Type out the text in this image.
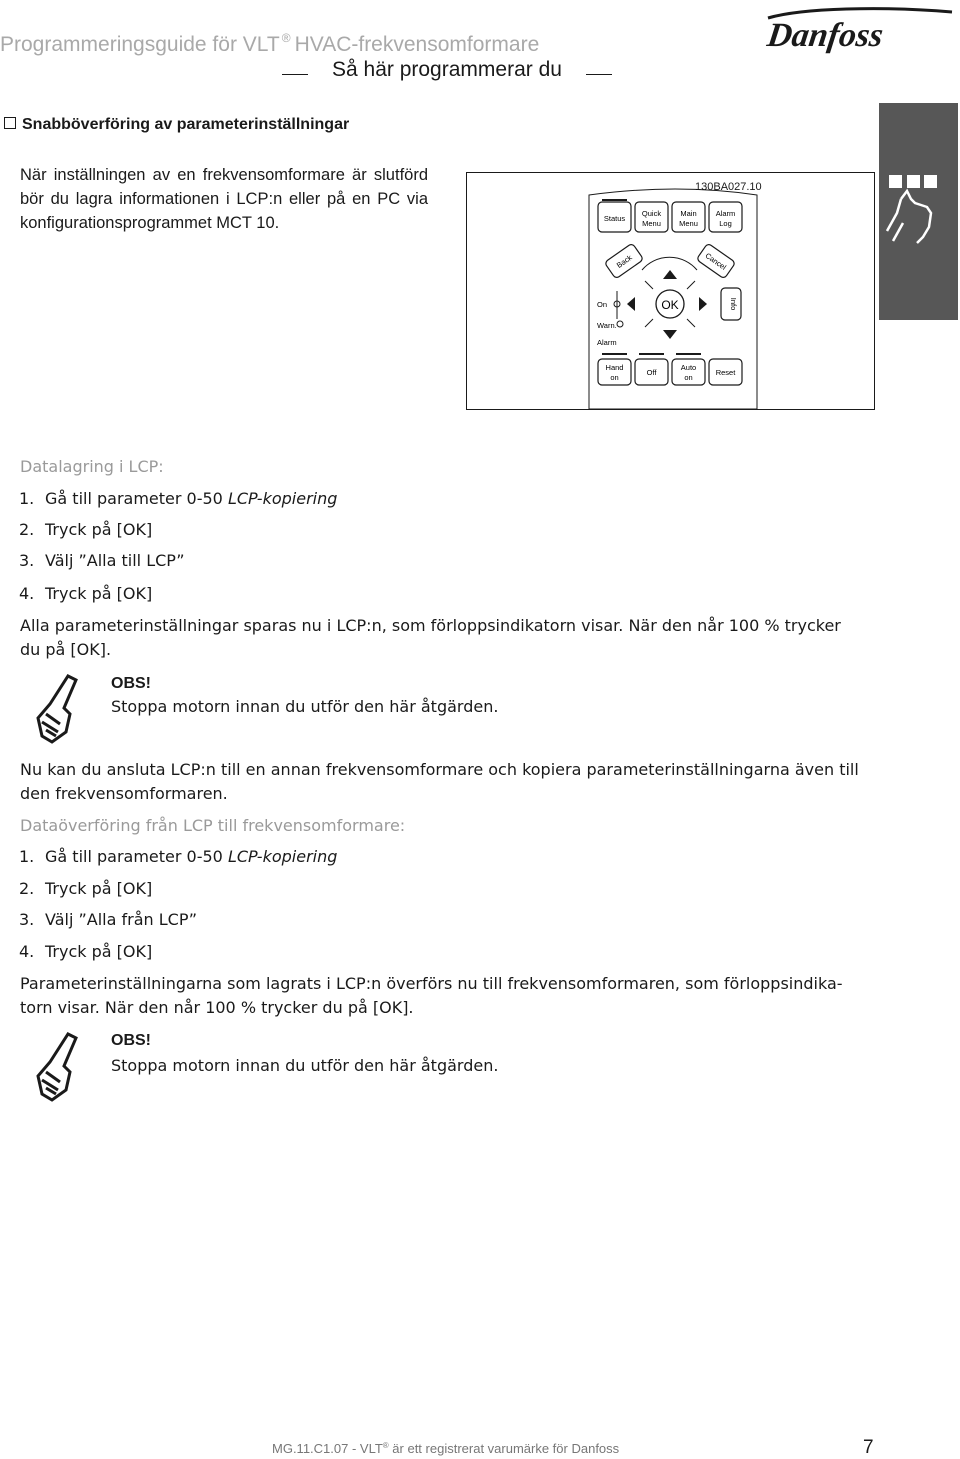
Programmeringsguide för VLT ® HVAC-frekvensomformare
Så här programmerar du
Danfoss
Snabböverföring av parameterinställningar
När inställningen av en frekvensomformare är slutförd bör du lagra informationen i LCP:n eller på en PC via konfigurationsprogrammet MCT 10.
130BA027.10
Status
Quick
Menu
Main
Menu
Alarm
Log
Back	Cancel
OK	Info
On
Warn.
Alarm
Hand
on
Off
Auto
on
Reset
Datalagring i LCP:
1. Gå till parameter 0-50 LCP-kopiering
2. Tryck på [OK]
3. Välj ”Alla till LCP”
4. Tryck på [OK]
Alla parameterinställningar sparas nu i LCP:n, som förloppsindikatorn visar. När den når 100 % trycker
du på [OK].
OBS!
Stoppa motorn innan du utför den här åtgärden.
Nu kan du ansluta LCP:n till en annan frekvensomformare och kopiera parameterinställningarna även till
den frekvensomformaren.
Dataöverföring från LCP till frekvensomformare:
1. Gå till parameter 0-50 LCP-kopiering
2. Tryck på [OK]
3. Välj ”Alla från LCP”
4. Tryck på [OK]
Parameterinställningarna som lagrats i LCP:n överförs nu till frekvensomformaren, som förloppsindika-
torn visar. När den når 100 % trycker du på [OK].
OBS!
Stoppa motorn innan du utför den här åtgärden.
MG.11.C1.07 - VLT® är ett registrerat varumärke för Danfoss	7
